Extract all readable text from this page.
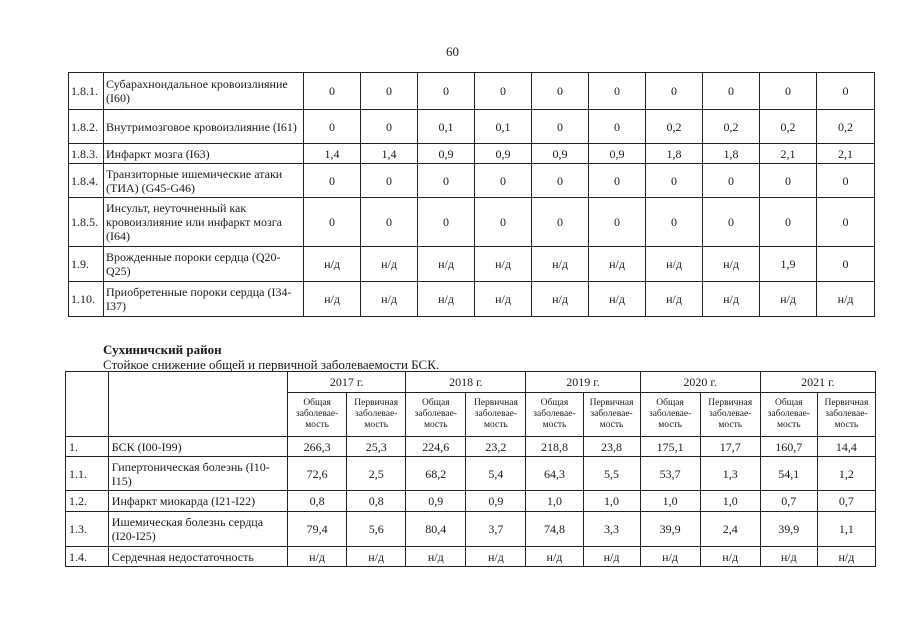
60
1.8.1.	Субарахноидальное кровоизлияние (I60)	0	0	0	0	0	0	0	0	0	0
1.8.2.	Внутримозговое кровоизлияние (I61)	0	0	0,1	0,1	0	0	0,2	0,2	0,2	0,2
1.8.3.	Инфаркт мозга (I63)	1,4	1,4	0,9	0,9	0,9	0,9	1,8	1,8	2,1	2,1
1.8.4.	Транзиторные ишемические атаки (ТИА) (G45-G46)	0	0	0	0	0	0	0	0	0	0
1.8.5.	Инсульт, неуточненный как кровоизлияние или инфаркт мозга (I64)	0	0	0	0	0	0	0	0	0	0
1.9.	Врожденные пороки сердца (Q20-Q25)	н/д	н/д	н/д	н/д	н/д	н/д	н/д	н/д	1,9	0
1.10.	Приобретенные пороки сердца (I34-I37)	н/д	н/д	н/д	н/д	н/д	н/д	н/д	н/д	н/д	н/д
Сухиничский район
Стойкое снижение общей и первичной заболеваемости БСК.
		2017 г.		2018 г.		2019 г.		2020 г.		2021 г.	
		Общая заболевае-мость	Первичная заболевае-мость	Общая заболевае-мость	Первичная заболевае-мость	Общая заболевае-мость	Первичная заболевае-мость	Общая заболевае-мость	Первичная заболевае-мость	Общая заболевае-мость	Первичная заболевае-мость
1.	БСК (I00-I99)	266,3	25,3	224,6	23,2	218,8	23,8	175,1	17,7	160,7	14,4
1.1.	Гипертоническая болезнь (I10-I15)	72,6	2,5	68,2	5,4	64,3	5,5	53,7	1,3	54,1	1,2
1.2.	Инфаркт миокарда (I21-I22)	0,8	0,8	0,9	0,9	1,0	1,0	1,0	1,0	0,7	0,7
1.3.	Ишемическая болезнь сердца (I20-I25)	79,4	5,6	80,4	3,7	74,8	3,3	39,9	2,4	39,9	1,1
1.4.	Сердечная недостаточность	н/д	н/д	н/д	н/д	н/д	н/д	н/д	н/д	н/д	н/д
